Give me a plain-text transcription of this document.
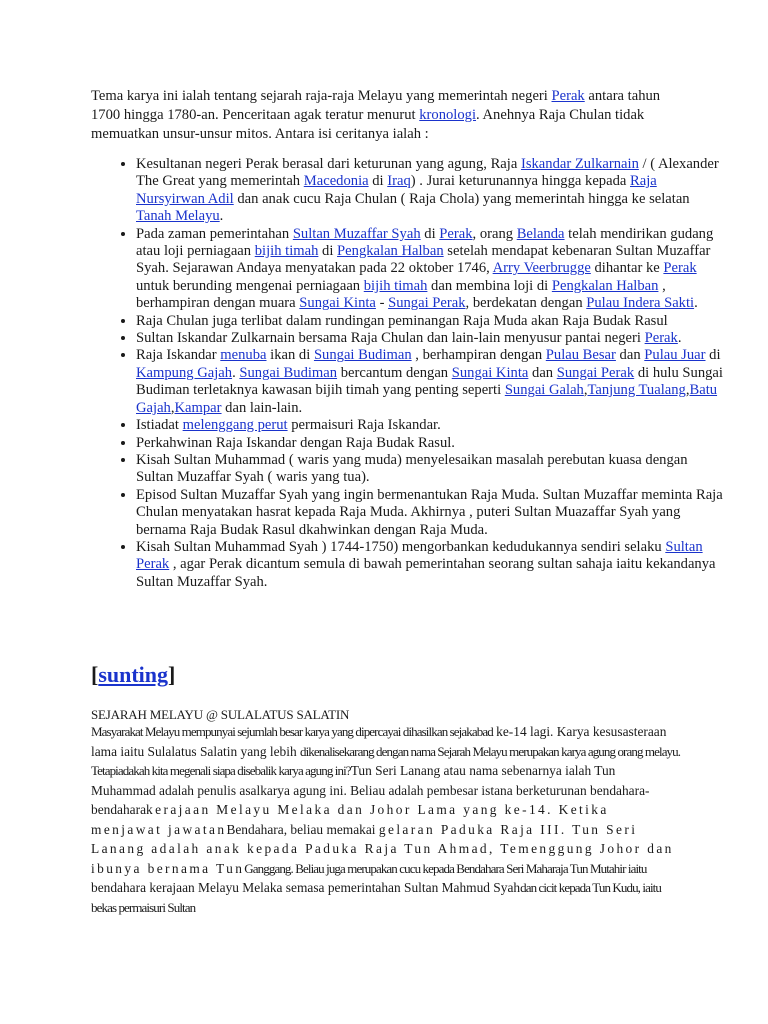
Tema karya ini ialah tentang sejarah raja-raja Melayu yang memerintah negeri Perak antara tahun 1700 hingga 1780-an. Penceritaan agak teratur menurut kronologi. Anehnya Raja Chulan tidak memuatkan unsur-unsur mitos. Antara isi ceritanya ialah :

• Kesultanan negeri Perak berasal dari keturunan yang agung, Raja Iskandar Zulkarnain / ( Alexander The Great yang memerintah Macedonia di Iraq) . Jurai keturunannya hingga kepada Raja Nursyirwan Adil dan anak cucu Raja Chulan ( Raja Chola) yang memerintah hingga ke selatan Tanah Melayu.
• Pada zaman pemerintahan Sultan Muzaffar Syah di Perak, orang Belanda telah mendirikan gudang atau loji perniagaan bijih timah di Pengkalan Halban setelah mendapat kebenaran Sultan Muzaffar Syah. Sejarawan Andaya menyatakan pada 22 oktober 1746, Arry Veerbrugge dihantar ke Perak untuk berunding mengenai perniagaan bijih timah dan membina loji di Pengkalan Halban , berhampiran dengan muara Sungai Kinta - Sungai Perak, berdekatan dengan Pulau Indera Sakti.
• Raja Chulan juga terlibat dalam rundingan peminangan Raja Muda akan Raja Budak Rasul
• Sultan Iskandar Zulkarnain bersama Raja Chulan dan lain-lain menyusur pantai negeri Perak.
• Raja Iskandar menuba ikan di Sungai Budiman , berhampiran dengan Pulau Besar dan Pulau Juar di Kampung Gajah. Sungai Budiman bercantum dengan Sungai Kinta dan Sungai Perak di hulu Sungai Budiman terletaknya kawasan bijih timah yang penting seperti Sungai Galah,Tanjung Tualang,Batu Gajah,Kampar dan lain-lain.
• Istiadat melenggang perut permaisuri Raja Iskandar.
• Perkahwinan Raja Iskandar dengan Raja Budak Rasul.
• Kisah Sultan Muhammad ( waris yang muda) menyelesaikan masalah perebutan kuasa dengan Sultan Muzaffar Syah ( waris yang tua).
• Episod Sultan Muzaffar Syah yang ingin bermenantukan Raja Muda. Sultan Muzaffar meminta Raja Chulan menyatakan hasrat kepada Raja Muda. Akhirnya , puteri Sultan Muazaffar Syah yang bernama Raja Budak Rasul dkahwinkan dengan Raja Muda.
• Kisah Sultan Muhammad Syah ) 1744-1750) mengorbankan kedudukannya sendiri selaku Sultan Perak , agar Perak dicantum semula di bawah pemerintahan seorang sultan sahaja iaitu kekandanya Sultan Muzaffar Syah.
[sunting]

SEJARAH MELAYU @ SULALATUS SALATIN

Masyarakat Melayu mempunyai sejumlah besar karya yang dipercayai dihasilkan sejakabad ke-14 lagi. Karya kesusasteraan lama iaitu Sulalatus Salatin yang lebih dikenalisekarang dengan nama Sejarah Melayu merupakan karya agung orang melayu. Tetapiadakah kita megenali siapa disebalik karya agung ini?Tun Seri Lanang atau nama sebenarnya ialah Tun Muhammad adalah penulis asalkarya agung ini. Beliau adalah pembesar istana berketurunan bendahara-bendaharakerajaan Melayu Melaka dan Johor Lama yang ke-14. Ketika menjawat jawatanBendahara, beliau memakai gelaran Paduka Raja III. Tun Seri Lanang adalah anak kepada Paduka Raja Tun Ahmad, Temenggung Johor dan ibunya bernama TunGanggang. Beliau juga merupakan cucu kepada Bendahara Seri Maharaja Tun Mutahir iaitu bendahara kerajaan Melayu Melaka semasa pemerintahan Sultan Mahmud Syahdan cicit kepada Tun Kudu, iaitu bekas permaisuri Sultan
